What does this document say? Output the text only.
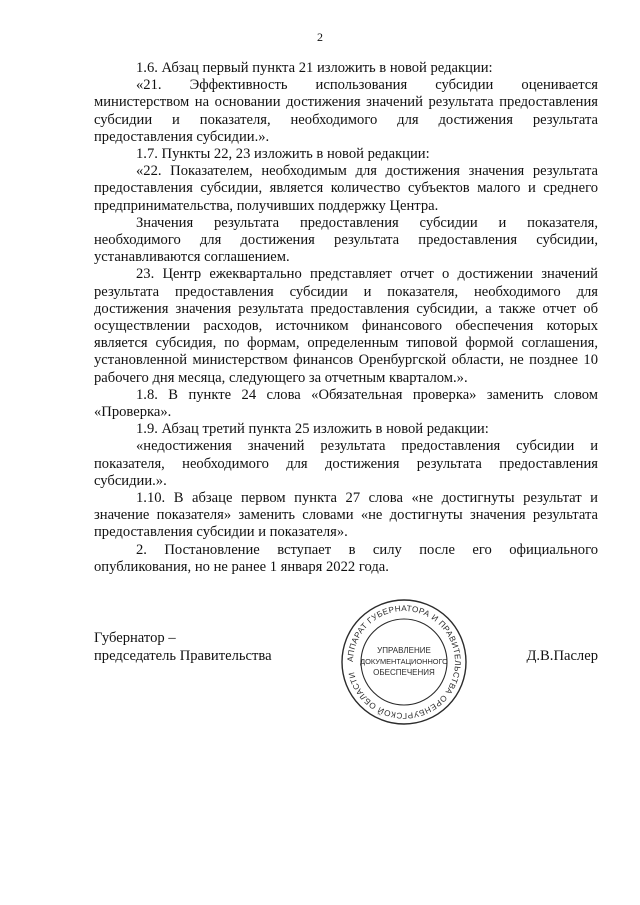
2

1.6. Абзац первый пункта 21 изложить в новой редакции:

«21. Эффективность использования субсидии оценивается министерством на основании достижения значений результата предоставления субсидии и показателя, необходимого для достижения результата предоставления субсидии.».

1.7. Пункты 22, 23 изложить в новой редакции:

«22. Показателем, необходимым для достижения значения результата предоставления субсидии, является количество субъектов малого и среднего предпринимательства, получивших поддержку Центра.

Значения результата предоставления субсидии и показателя, необходимого для достижения результата предоставления субсидии, устанавливаются соглашением.

23. Центр ежеквартально представляет отчет о достижении значений результата предоставления субсидии и показателя, необходимого для достижения значения результата предоставления субсидии, а также отчет об осуществлении расходов, источником финансового обеспечения которых является субсидия, по формам, определенным типовой формой соглашения, установленной министерством финансов Оренбургской области, не позднее 10 рабочего дня месяца, следующего за отчетным кварталом.».

1.8. В пункте 24 слова «Обязательная проверка» заменить словом «Проверка».

1.9. Абзац третий пункта 25 изложить в новой редакции:

«недостижения значений результата предоставления субсидии и показателя, необходимого для достижения результата предоставления субсидии.».

1.10. В абзаце первом пункта 27 слова «не достигнуты результат и значение показателя» заменить словами «не достигнуты значения результата предоставления субсидии и показателя».

2. Постановление вступает в силу после его официального опубликования, но не ранее 1 января 2022 года.

Губернатор –
председатель Правительства	Д.В.Паслер
АППАРАТ ГУБЕРНАТОРА И ПРАВИТЕЛЬСТВА ОРЕНБУРГСКОЙ ОБЛАСТИ
УПРАВЛЕНИЕ
ДОКУМЕНТАЦИОННОГО
ОБЕСПЕЧЕНИЯ
